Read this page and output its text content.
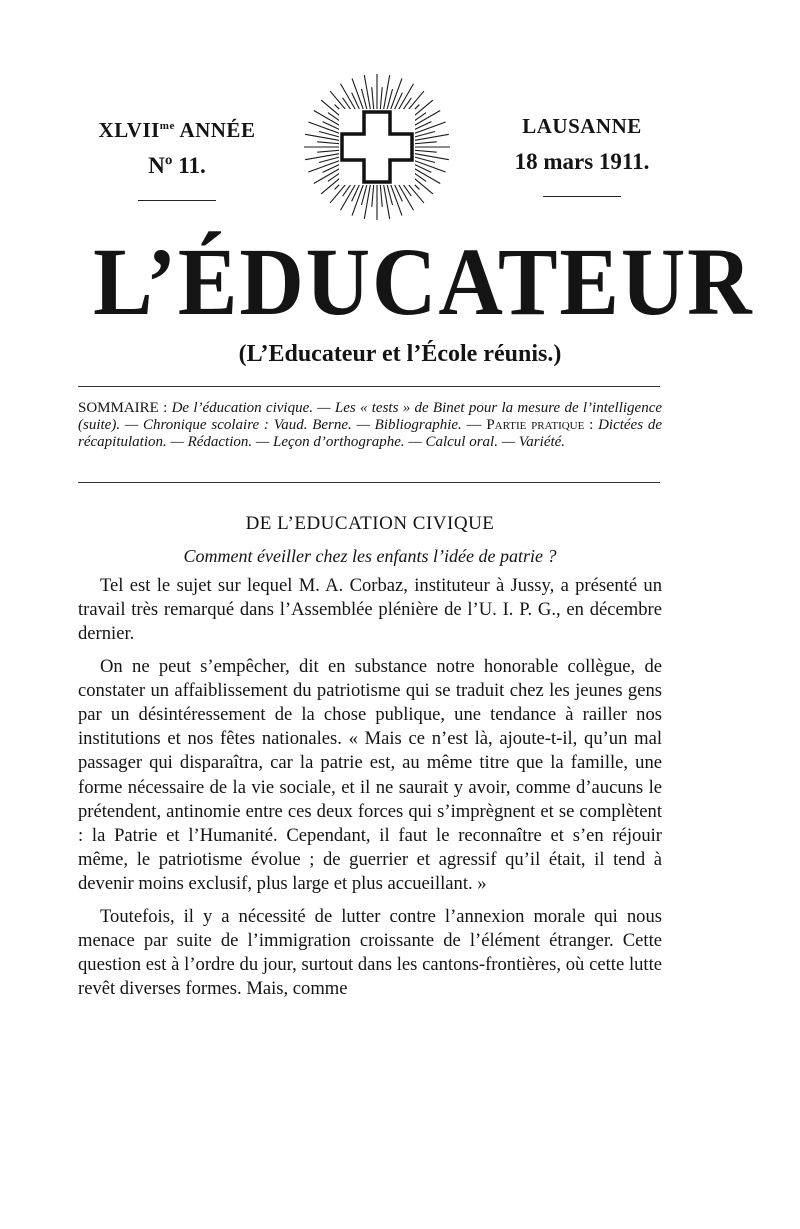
$XLVII^{me}$ ANNÉE
Nº 11.
LAUSANNE
18 mars 1911.
L’ÉDUCATEUR
(L’Educateur et l’École réunis.)
SOMMAIRE : De l’éducation civique. — Les « tests » de Binet pour la mesure de l’intelligence (suite). — Chronique scolaire : Vaud. Berne. — Bibliographie. — Partie pratique : Dictées de récapitulation. — Rédaction. — Leçon d’orthographe. — Calcul oral. — Variété.
DE L’EDUCATION CIVIQUE
Comment éveiller chez les enfants l’idée de patrie ?

Tel est le sujet sur lequel M. A. Corbaz, instituteur à Jussy, a présenté un travail très remarqué dans l’Assemblée plénière de l’U. I. P. G., en décembre dernier.

On ne peut s’empêcher, dit en substance notre honorable collègue, de constater un affaiblissement du patriotisme qui se traduit chez les jeunes gens par un désintéressement de la chose publique, une tendance à railler nos institutions et nos fêtes nationales. « Mais ce n’est là, ajoute-t-il, qu’un mal passager qui disparaîtra, car la patrie est, au même titre que la famille, une forme nécessaire de la vie sociale, et il ne saurait y avoir, comme d’aucuns le prétendent, antinomie entre ces deux forces qui s’imprègnent et se complètent : la Patrie et l’Humanité. Cependant, il faut le reconnaître et s’en réjouir même, le patriotisme évolue ; de guerrier et agressif qu’il était, il tend à devenir moins exclusif, plus large et plus accueillant. »

Toutefois, il y a nécessité de lutter contre l’annexion morale qui nous menace par suite de l’immigration croissante de l’élément étranger. Cette question est à l’ordre du jour, surtout dans les cantons-frontières, où cette lutte revêt diverses formes. Mais, comme
